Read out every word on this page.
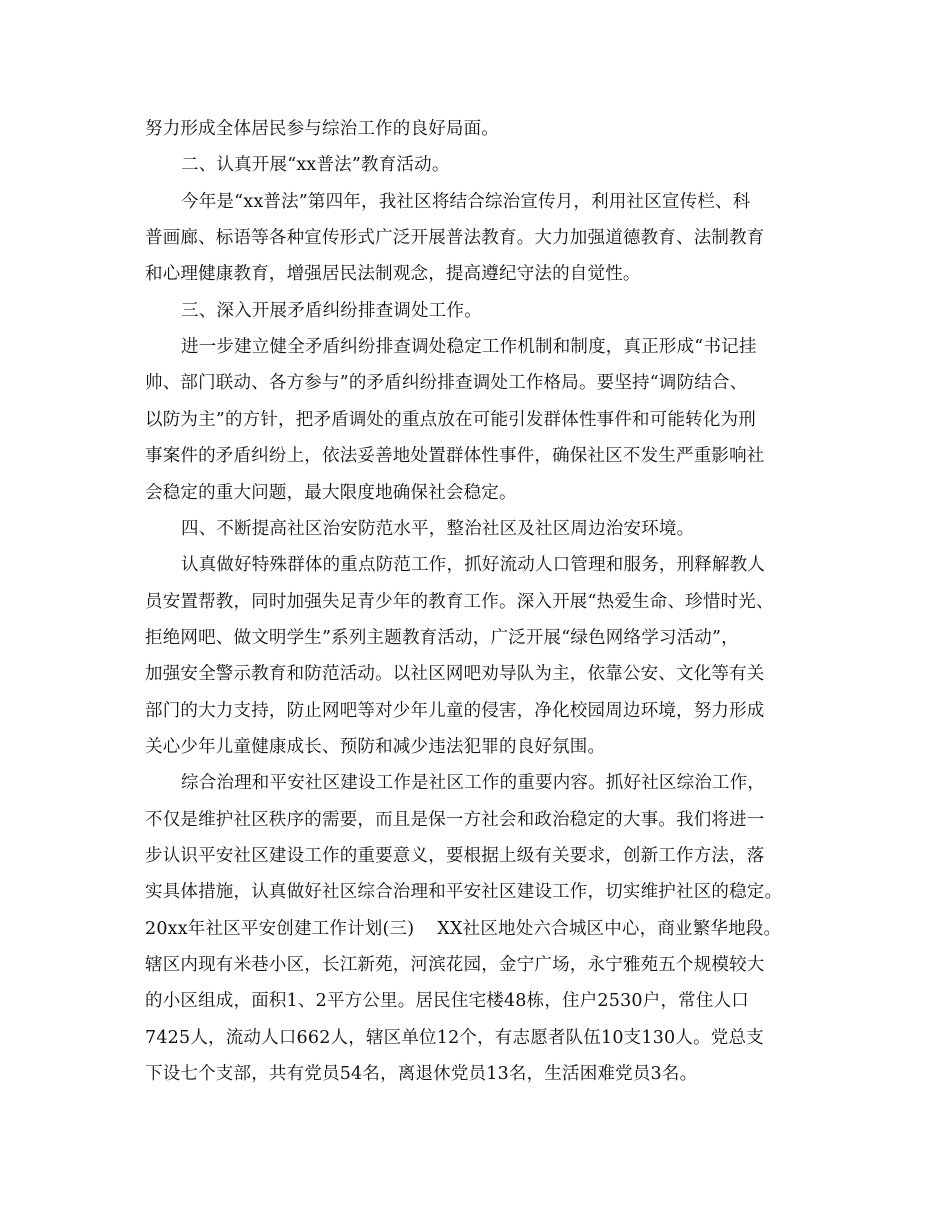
努力形成全体居民参与综治工作的良好局面。
二、认真开展“xx普法”教育活动。
今年是“xx普法”第四年，我社区将结合综治宣传月，利用社区宣传栏、科
普画廊、标语等各种宣传形式广泛开展普法教育。大力加强道德教育、法制教育
和心理健康教育，增强居民法制观念，提高遵纪守法的自觉性。
三、深入开展矛盾纠纷排查调处工作。
进一步建立健全矛盾纠纷排查调处稳定工作机制和制度，真正形成“书记挂
帅、部门联动、各方参与”的矛盾纠纷排查调处工作格局。要坚持“调防结合、
以防为主”的方针，把矛盾调处的重点放在可能引发群体性事件和可能转化为刑
事案件的矛盾纠纷上，依法妥善地处置群体性事件，确保社区不发生严重影响社
会稳定的重大问题，最大限度地确保社会稳定。
四、不断提高社区治安防范水平，整治社区及社区周边治安环境。
认真做好特殊群体的重点防范工作，抓好流动人口管理和服务，刑释解教人
员安置帮教，同时加强失足青少年的教育工作。深入开展“热爱生命、珍惜时光、
拒绝网吧、做文明学生”系列主题教育活动，广泛开展“绿色网络学习活动”，
加强安全警示教育和防范活动。以社区网吧劝导队为主，依靠公安、文化等有关
部门的大力支持，防止网吧等对少年儿童的侵害，净化校园周边环境，努力形成
关心少年儿童健康成长、预防和减少违法犯罪的良好氛围。
综合治理和平安社区建设工作是社区工作的重要内容。抓好社区综治工作，
不仅是维护社区秩序的需要，而且是保一方社会和政治稳定的大事。我们将进一
步认识平安社区建设工作的重要意义，要根据上级有关要求，创新工作方法，落
实具体措施，认真做好社区综合治理和平安社区建设工作，切实维护社区的稳定。
20xx年社区平安创建工作计划(三)    XX社区地处六合城区中心，商业繁华地段。
辖区内现有米巷小区，长江新苑，河滨花园，金宁广场，永宁雅苑五个规模较大
的小区组成，面积1、2平方公里。居民住宅楼48栋，住户2530户，常住人口
7425人，流动人口662人，辖区单位12个，有志愿者队伍10支130人。党总支
下设七个支部，共有党员54名，离退休党员13名，生活困难党员3名。
